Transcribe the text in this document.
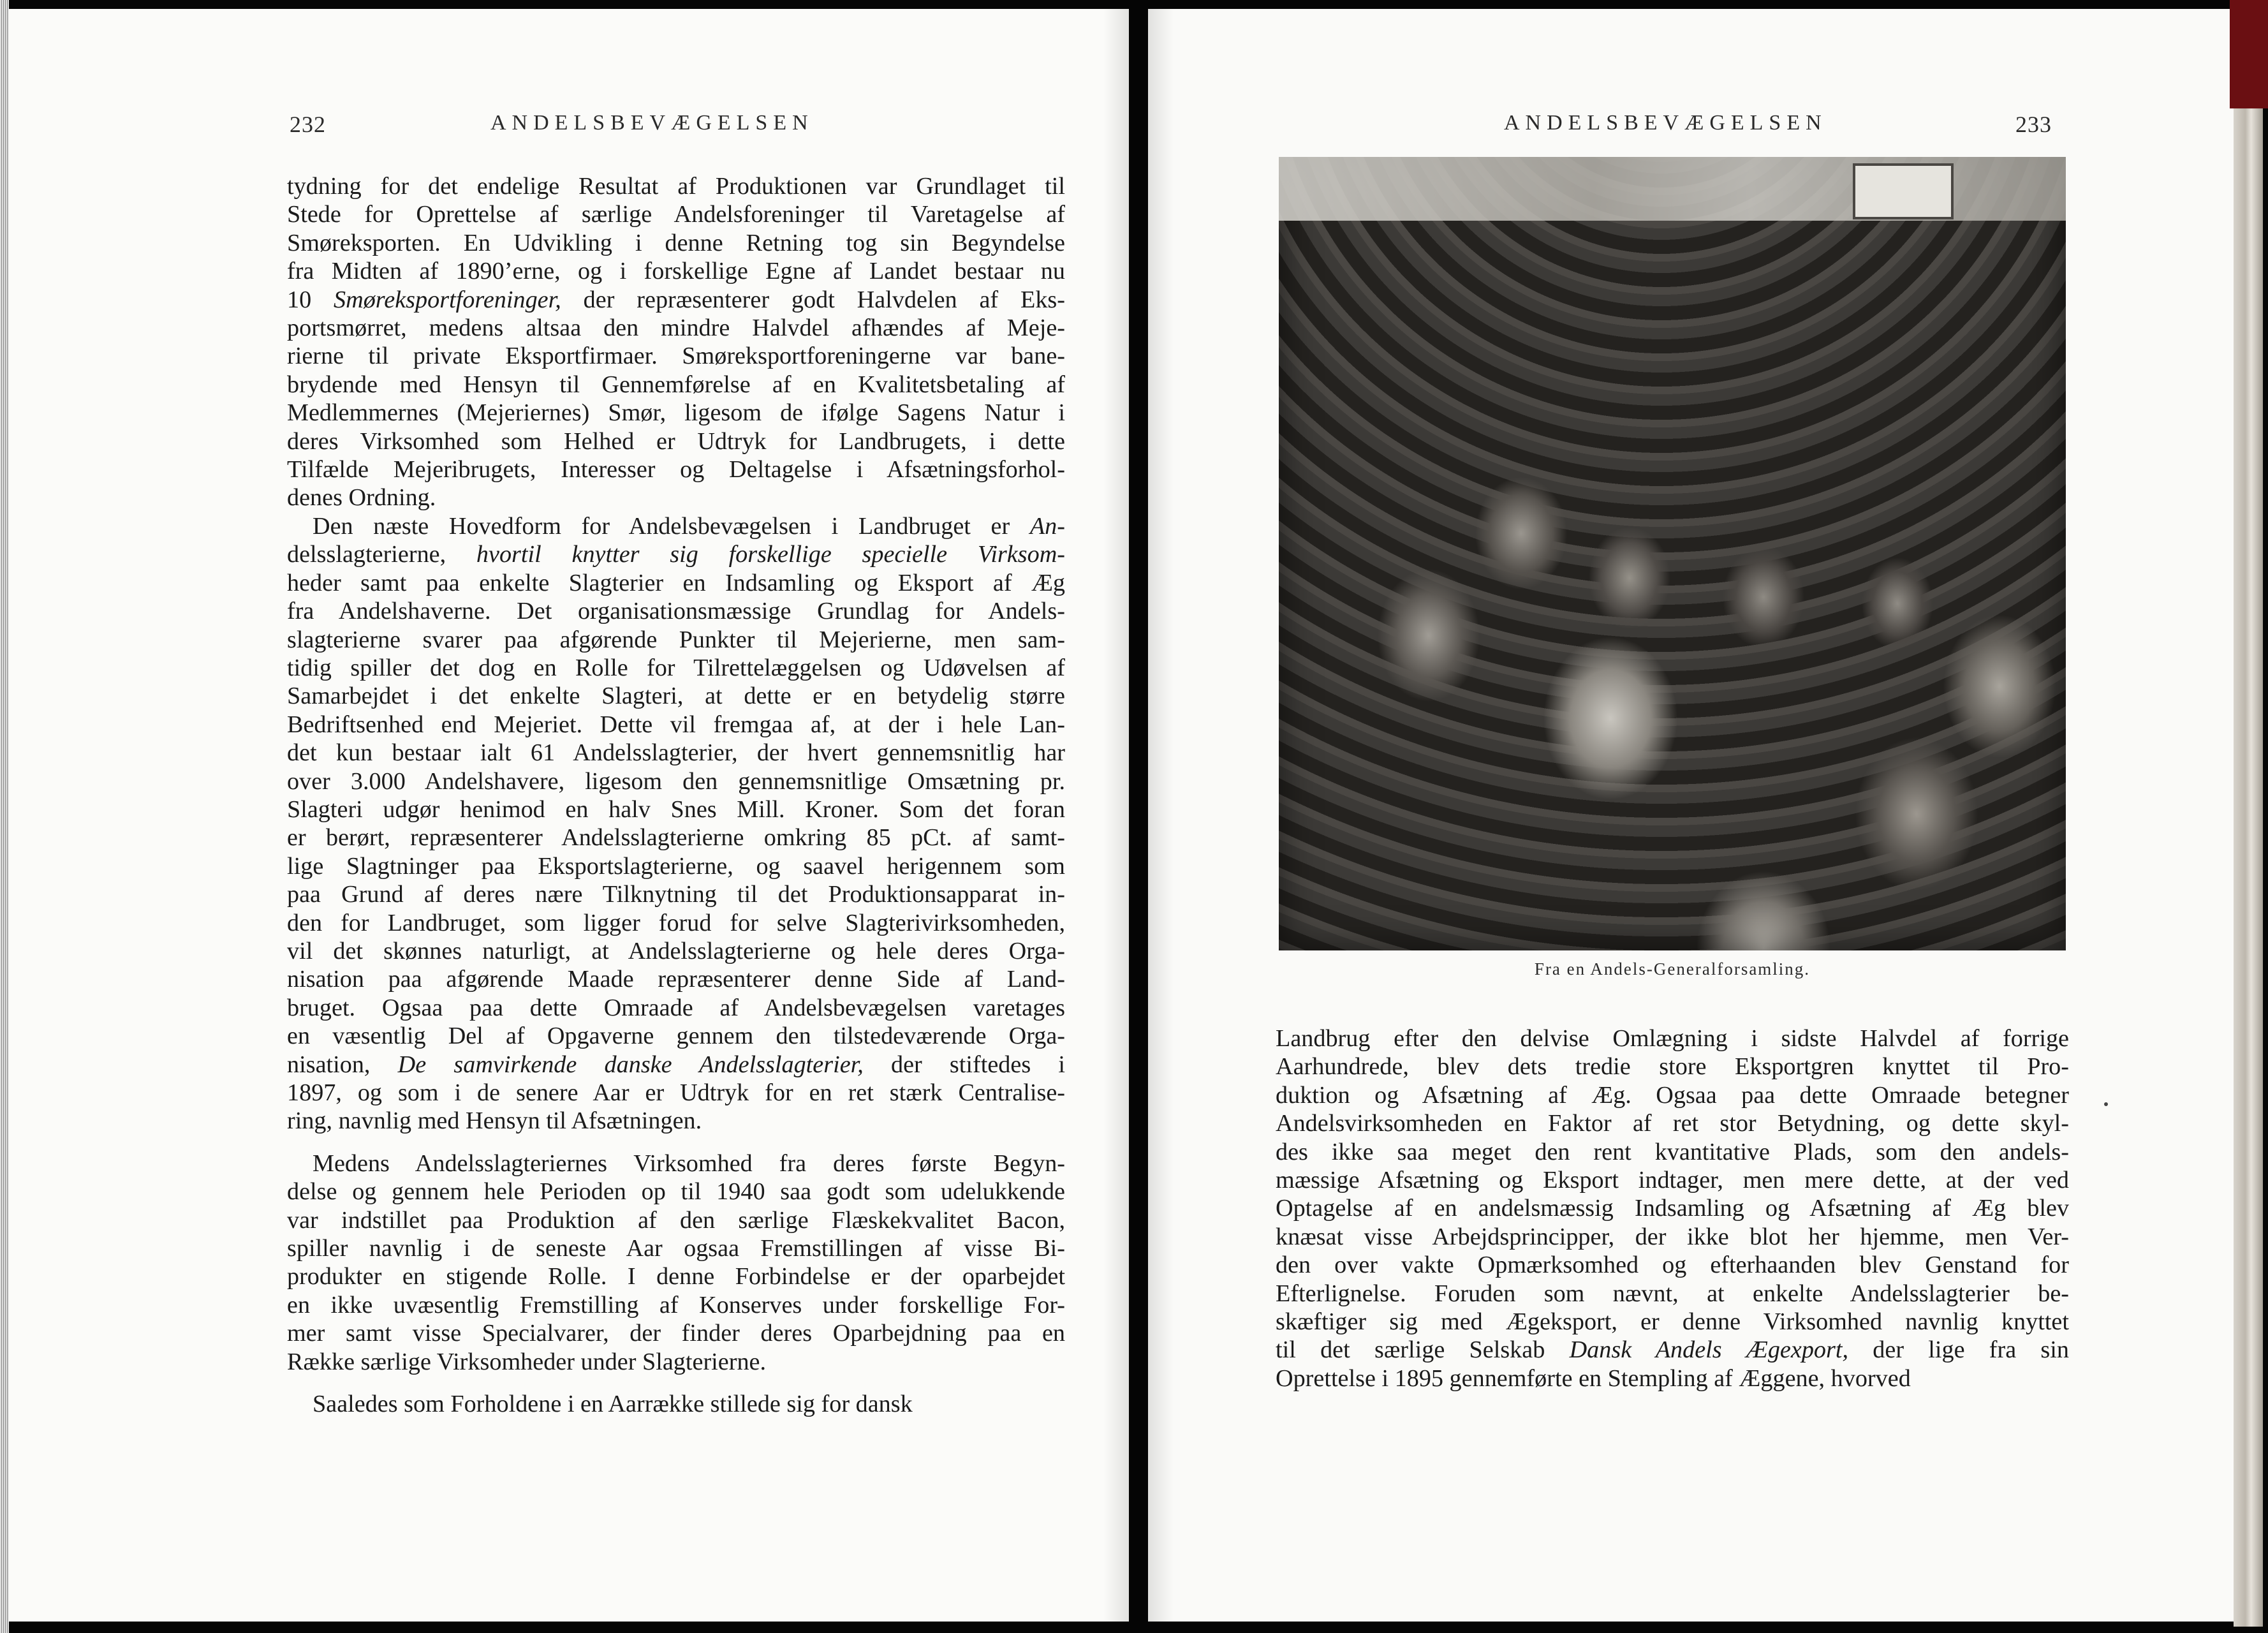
232	ANDELSBEVÆGELSEN

tydning for det endelige Resultat af Produktionen var Grundlaget til

Stede for Oprettelse af særlige Andelsforeninger til Varetagelse af

Smøreksporten. En Udvikling i denne Retning tog sin Begyndelse

fra Midten af 1890’erne, og i forskellige Egne af Landet bestaar nu

10 Smøreksportforeninger, der repræsenterer godt Halvdelen af Eks-

portsmørret, medens altsaa den mindre Halvdel afhændes af Meje-

rierne til private Eksportfirmaer. Smøreksportforeningerne var bane-

brydende med Hensyn til Gennemførelse af en Kvalitetsbetaling af

Medlemmernes (Mejeriernes) Smør, ligesom de ifølge Sagens Natur i

deres Virksomhed som Helhed er Udtryk for Landbrugets, i dette

Tilfælde Mejeribrugets, Interesser og Deltagelse i Afsætningsforhol-

denes Ordning.

Den næste Hovedform for Andelsbevægelsen i Landbruget er An-

delsslagterierne, hvortil knytter sig forskellige specielle Virksom-

heder samt paa enkelte Slagterier en Indsamling og Eksport af Æg

fra Andelshaverne. Det organisationsmæssige Grundlag for Andels-

slagterierne svarer paa afgørende Punkter til Mejerierne, men sam-

tidig spiller det dog en Rolle for Tilrettelæggelsen og Udøvelsen af

Samarbejdet i det enkelte Slagteri, at dette er en betydelig større

Bedriftsenhed end Mejeriet. Dette vil fremgaa af, at der i hele Lan-

det kun bestaar ialt 61 Andelsslagterier, der hvert gennemsnitlig har

over 3.000 Andelshavere, ligesom den gennemsnitlige Omsætning pr.

Slagteri udgør henimod en halv Snes Mill. Kroner. Som det foran

er berørt, repræsenterer Andelsslagterierne omkring 85 pCt. af samt-

lige Slagtninger paa Eksportslagterierne, og saavel herigennem som

paa Grund af deres nære Tilknytning til det Produktionsapparat in-

den for Landbruget, som ligger forud for selve Slagterivirksomheden,

vil det skønnes naturligt, at Andelsslagterierne og hele deres Orga-

nisation paa afgørende Maade repræsenterer denne Side af Land-

bruget. Ogsaa paa dette Omraade af Andelsbevægelsen varetages

en væsentlig Del af Opgaverne gennem den tilstedeværende Orga-

nisation, De samvirkende danske Andelsslagterier, der stiftedes i

1897, og som i de senere Aar er Udtryk for en ret stærk Centralise-

ring, navnlig med Hensyn til Afsætningen.

Medens Andelsslagteriernes Virksomhed fra deres første Begyn-

delse og gennem hele Perioden op til 1940 saa godt som udelukkende

var indstillet paa Produktion af den særlige Flæskekvalitet Bacon,

spiller navnlig i de seneste Aar ogsaa Fremstillingen af visse Bi-

produkter en stigende Rolle. I denne Forbindelse er der oparbejdet

en ikke uvæsentlig Fremstilling af Konserves under forskellige For-

mer samt visse Specialvarer, der finder deres Oparbejdning paa en

Række særlige Virksomheder under Slagterierne.

Saaledes som Forholdene i en Aarrække stillede sig for dansk

ANDELSBEVÆGELSEN	233
Fra en Andels-Generalforsamling.

Landbrug efter den delvise Omlægning i sidste Halvdel af forrige

Aarhundrede, blev dets tredie store Eksportgren knyttet til Pro-

duktion og Afsætning af Æg. Ogsaa paa dette Omraade betegner

Andelsvirksomheden en Faktor af ret stor Betydning, og dette skyl-

des ikke saa meget den rent kvantitative Plads, som den andels-

mæssige Afsætning og Eksport indtager, men mere dette, at der ved

Optagelse af en andelsmæssig Indsamling og Afsætning af Æg blev

knæsat visse Arbejdsprincipper, der ikke blot her hjemme, men Ver-

den over vakte Opmærksomhed og efterhaanden blev Genstand for

Efterlignelse. Foruden som nævnt, at enkelte Andelsslagterier be-

skæftiger sig med Ægeksport, er denne Virksomhed navnlig knyttet

til det særlige Selskab Dansk Andels Ægexport, der lige fra sin

Oprettelse i 1895 gennemførte en Stempling af Æggene, hvorved
